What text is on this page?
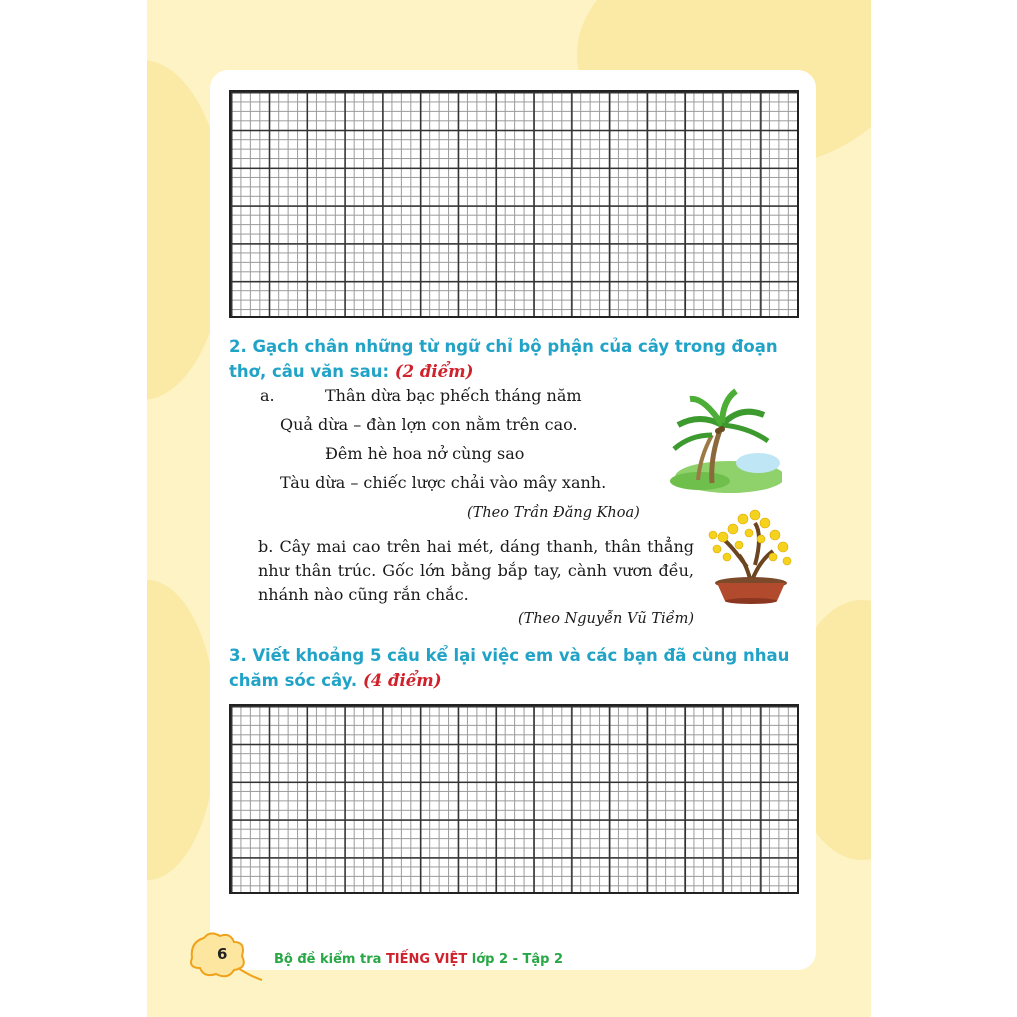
2. Gạch chân những từ ngữ chỉ bộ phận của cây trong đoạn thơ, câu văn sau: (2 điểm)
a.	Thân dừa bạc phếch tháng năm
Quả dừa – đàn lợn con nằm trên cao.
Đêm hè hoa nở cùng sao
Tàu dừa – chiếc lược chải vào mây xanh.
(Theo Trần Đăng Khoa)
b. Cây mai cao trên hai mét, dáng thanh, thân thẳng như thân trúc. Gốc lớn bằng bắp tay, cành vươn đều, nhánh nào cũng rắn chắc.
(Theo Nguyễn Vũ Tiềm)
3. Viết khoảng 5 câu kể lại việc em và các bạn đã cùng nhau chăm sóc cây. (4 điểm)
6	Bộ đề kiểm tra TIẾNG VIỆT lớp 2 - Tập 2
